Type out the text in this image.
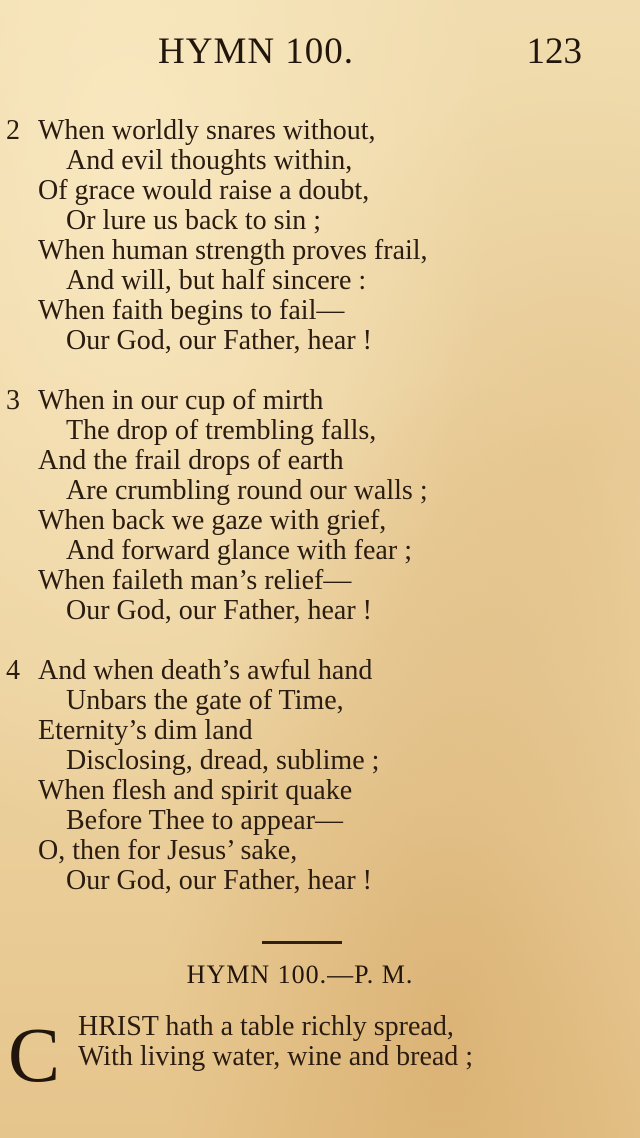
HYMN 100.	123
2 When worldly snares without,
And evil thoughts within,
Of grace would raise a doubt,
Or lure us back to sin ;
When human strength proves frail,
And will, but half sincere :
When faith begins to fail—
Our God, our Father, hear !
3 When in our cup of mirth
The drop of trembling falls,
And the frail drops of earth
Are crumbling round our walls ;
When back we gaze with grief,
And forward glance with fear ;
When faileth man’s relief—
Our God, our Father, hear !
4 And when death’s awful hand
Unbars the gate of Time,
Eternity’s dim land
Disclosing, dread, sublime ;
When flesh and spirit quake
Before Thee to appear—
O, then for Jesus’ sake,
Our God, our Father, hear !
HYMN 100.—P. M.
C HRIST hath a table richly spread,
With living water, wine and bread ;
